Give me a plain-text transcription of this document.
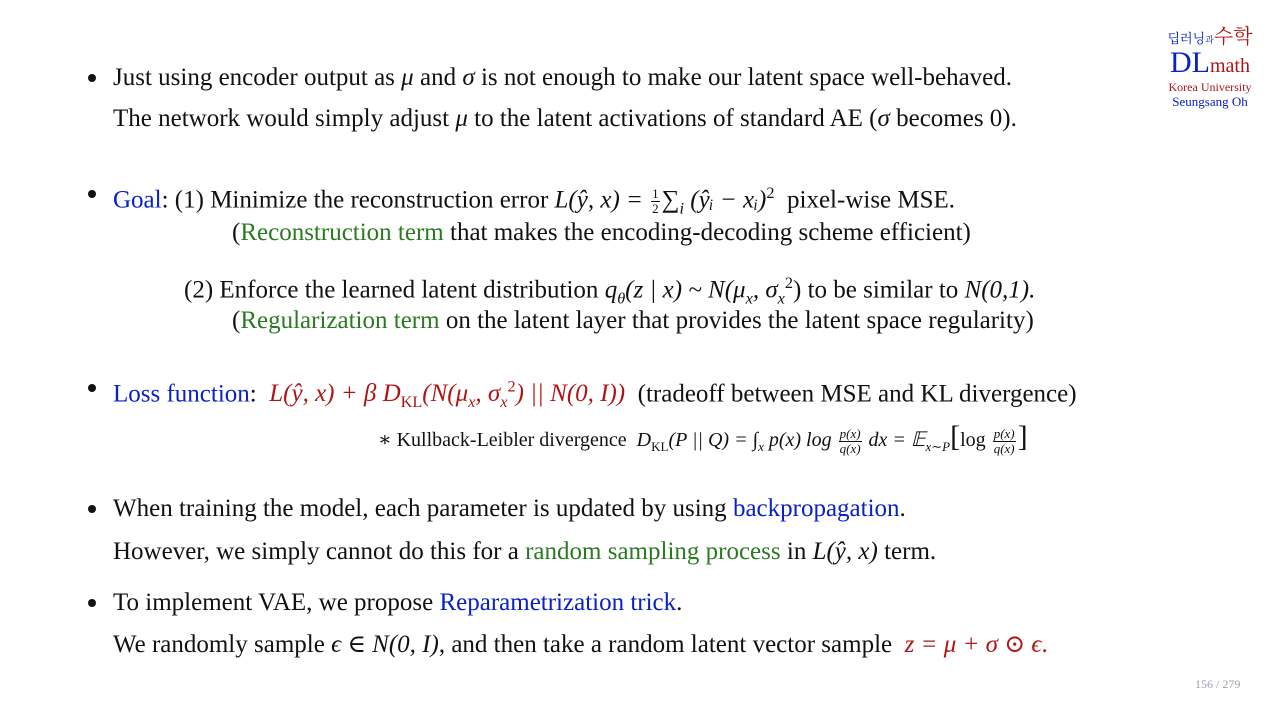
딥러닝과수학
DLmath
Korea University
Seungsang Oh
Just using encoder output as μ and σ is not enough to make our latent space well-behaved.
The network would simply adjust μ to the latent activations of standard AE (σ becomes 0).
Goal: (1) Minimize the reconstruction error L(ŷ, $x) = \frac{1}{2} \sum_i$ (ŷᵢ − xᵢ)$^2$ pixel-wise MSE.
(Reconstruction term that makes the encoding-decoding scheme efficient)
(2) Enforce the learned latent distribution $q_\theta(z$ | x) ~ $N(\mu_x$, $\sigma_x^2$) to be similar to N(0,1).
(Regularization term on the latent layer that provides the latent space regularity)
Loss function: L(ŷ, x) + β $D_{KL}(N(\mu_x$, $\sigma_x^2$) || N(0, I)) (tradeoff between MSE and KL divergence)
∗ Kullback-Leibler divergence $D_{KL}(P$ || $Q) = \int_x$ p(x) $\log \frac{p(x)}{q(x)}$ dx = 𝔼$_{x\sim P}$[log $\frac{p(x)}{q(x)}$ ]
When training the model, each parameter is updated by using backpropagation.
However, we simply cannot do this for a random sampling process in L(ŷ, x) term.
To implement VAE, we propose Reparametrization trick.
We randomly sample ϵ ∈ N(0, I), and then take a random latent vector sample z = μ + σ ⊙ ϵ.
156 / 279
